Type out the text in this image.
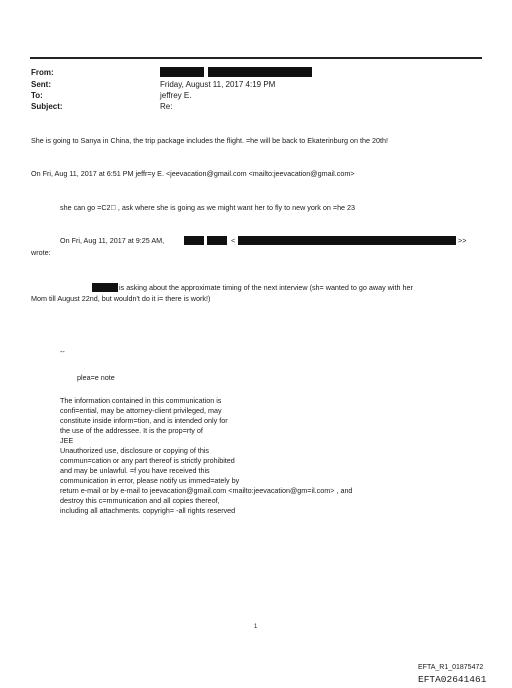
From:
Sent:	Friday, August 11, 2017 4:19 PM
To:	jeffrey E.
Subject:	Re:
She is going to Sanya in China, the trip package includes the flight. =he will be back to Ekaterinburg on the 20th!
On Fri, Aug 11, 2017 at 6:51 PM jeffr=y E. <jeevacation@gmail.com <mailto:jeevacation@gmail.com>
she can go =C2  , ask where she is going as we might want her to fly to new york on =he 23
On Fri, Aug 11, 2017 at 9:25 AM,	<	>>
wrote:
is asking about the approximate timing of the next interview (sh= wanted to go away with her
Mom till August 22nd, but wouldn't do it i= there is work!)
--
plea=e note
The information contained in this communication is
confi=ential, may be attorney-client privileged, may
constitute inside inform=tion, and is intended only for
the use of the addressee. It is the prop=rty of
JEE
Unauthorized use, disclosure or copying of this
commun=cation or any part thereof is strictly prohibited
and may be unlawful. =f you have received this
communication in error, please notify us immed=ately by
return e-mail or by e-mail to jeevacation@gmail.com <mailto:jeevacation@gm=il.com> , and
destroy this c=mmunication and all copies thereof,
including all attachments. copyrigh= -all rights reserved
1
EFTA_R1_01875472
EFTA02641461
